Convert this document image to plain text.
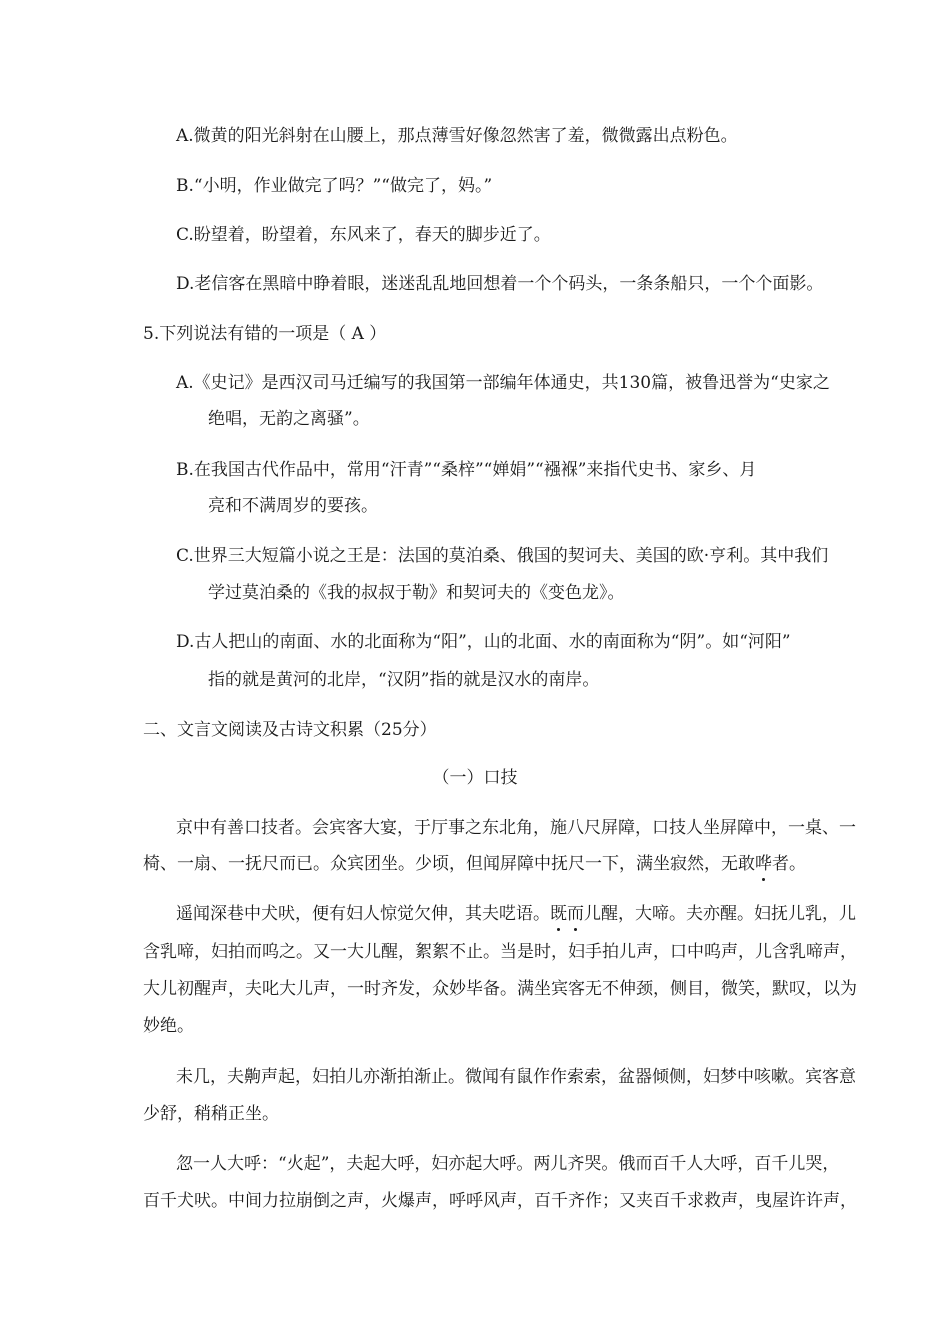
A.微黄的阳光斜射在山腰上，那点薄雪好像忽然害了羞，微微露出点粉色。
B.“小明，作业做完了吗？”“做完了，妈。”
C.盼望着，盼望着，东风来了，春天的脚步近了。
D.老信客在黑暗中睁着眼，迷迷乱乱地回想着一个个码头，一条条船只，一个个面影。
5.下列说法有错的一项是（ A ）
A.《史记》是西汉司马迁编写的我国第一部编年体通史，共130篇，被鲁迅誉为“史家之
绝唱，无韵之离骚”。
B.在我国古代作品中，常用“汗青”“桑梓”“婵娟”“襁褓”来指代史书、家乡、月
亮和不满周岁的要孩。
C.世界三大短篇小说之王是：法国的莫泊桑、俄国的契诃夫、美国的欧·亨利。其中我们
学过莫泊桑的《我的叔叔于勒》和契诃夫的《变色龙》。
D.古人把山的南面、水的北面称为“阳”，山的北面、水的南面称为“阴”。如“河阳”
指的就是黄河的北岸，“汉阴”指的就是汉水的南岸。
二、文言文阅读及古诗文积累（25分）
（一）口技
京中有善口技者。会宾客大宴，于厅事之东北角，施八尺屏障，口技人坐屏障中，一桌、一
椅、一扇、一抚尺而已。众宾团坐。少顷，但闻屏障中抚尺一下，满坐寂然，无敢哗者。
遥闻深巷中犬吠，便有妇人惊觉欠伸，其夫呓语。既而儿醒，大啼。夫亦醒。妇抚儿乳，儿
含乳啼，妇拍而呜之。又一大儿醒，絮絮不止。当是时，妇手拍儿声，口中呜声，儿含乳啼声，
大儿初醒声，夫叱大儿声，一时齐发，众妙毕备。满坐宾客无不伸颈，侧目，微笑，默叹，以为
妙绝。
未几，夫齁声起，妇拍儿亦渐拍渐止。微闻有鼠作作索索，盆器倾侧，妇梦中咳嗽。宾客意
少舒，稍稍正坐。
忽一人大呼：“火起”，夫起大呼，妇亦起大呼。两儿齐哭。俄而百千人大呼，百千儿哭，
百千犬吠。中间力拉崩倒之声，火爆声，呼呼风声，百千齐作；又夹百千求救声，曳屋许许声，
